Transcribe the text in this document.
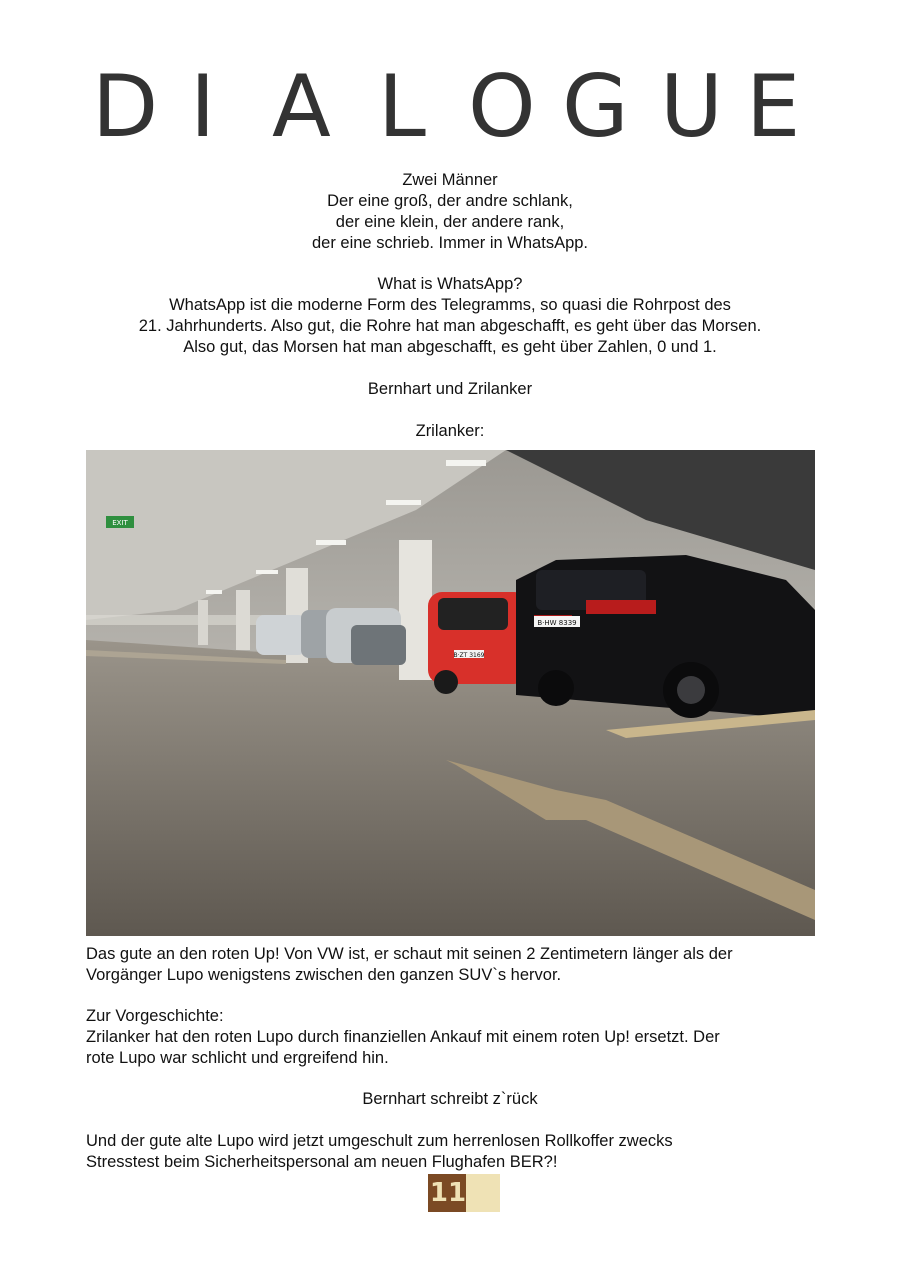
D I A L O G U E
Zwei Männer
Der eine groß, der andre schlank,
der eine klein, der andere rank,
der eine schrieb. Immer in WhatsApp.
What is WhatsApp?
WhatsApp ist die moderne Form des Telegramms, so quasi die Rohrpost des
21. Jahrhunderts. Also gut, die Rohre hat man abgeschafft, es geht über das Morsen.
Also gut, das Morsen hat man abgeschafft, es geht über Zahlen, 0 und 1.
Bernhart und Zrilanker
Zrilanker:
EXIT
B·ZT 3169
B·HW 8339
Das gute an den roten Up! Von VW ist, er schaut mit seinen 2 Zentimetern länger als der
Vorgänger Lupo wenigstens zwischen den ganzen SUV`s hervor.
Zur Vorgeschichte:
Zrilanker hat den roten Lupo durch finanziellen Ankauf mit einem roten Up! ersetzt. Der
rote Lupo war schlicht und ergreifend hin.
Bernhart schreibt z`rück
Und der gute alte Lupo wird jetzt umgeschult zum herrenlosen Rollkoffer zwecks
Stresstest beim Sicherheitspersonal am neuen Flughafen BER?!
11
